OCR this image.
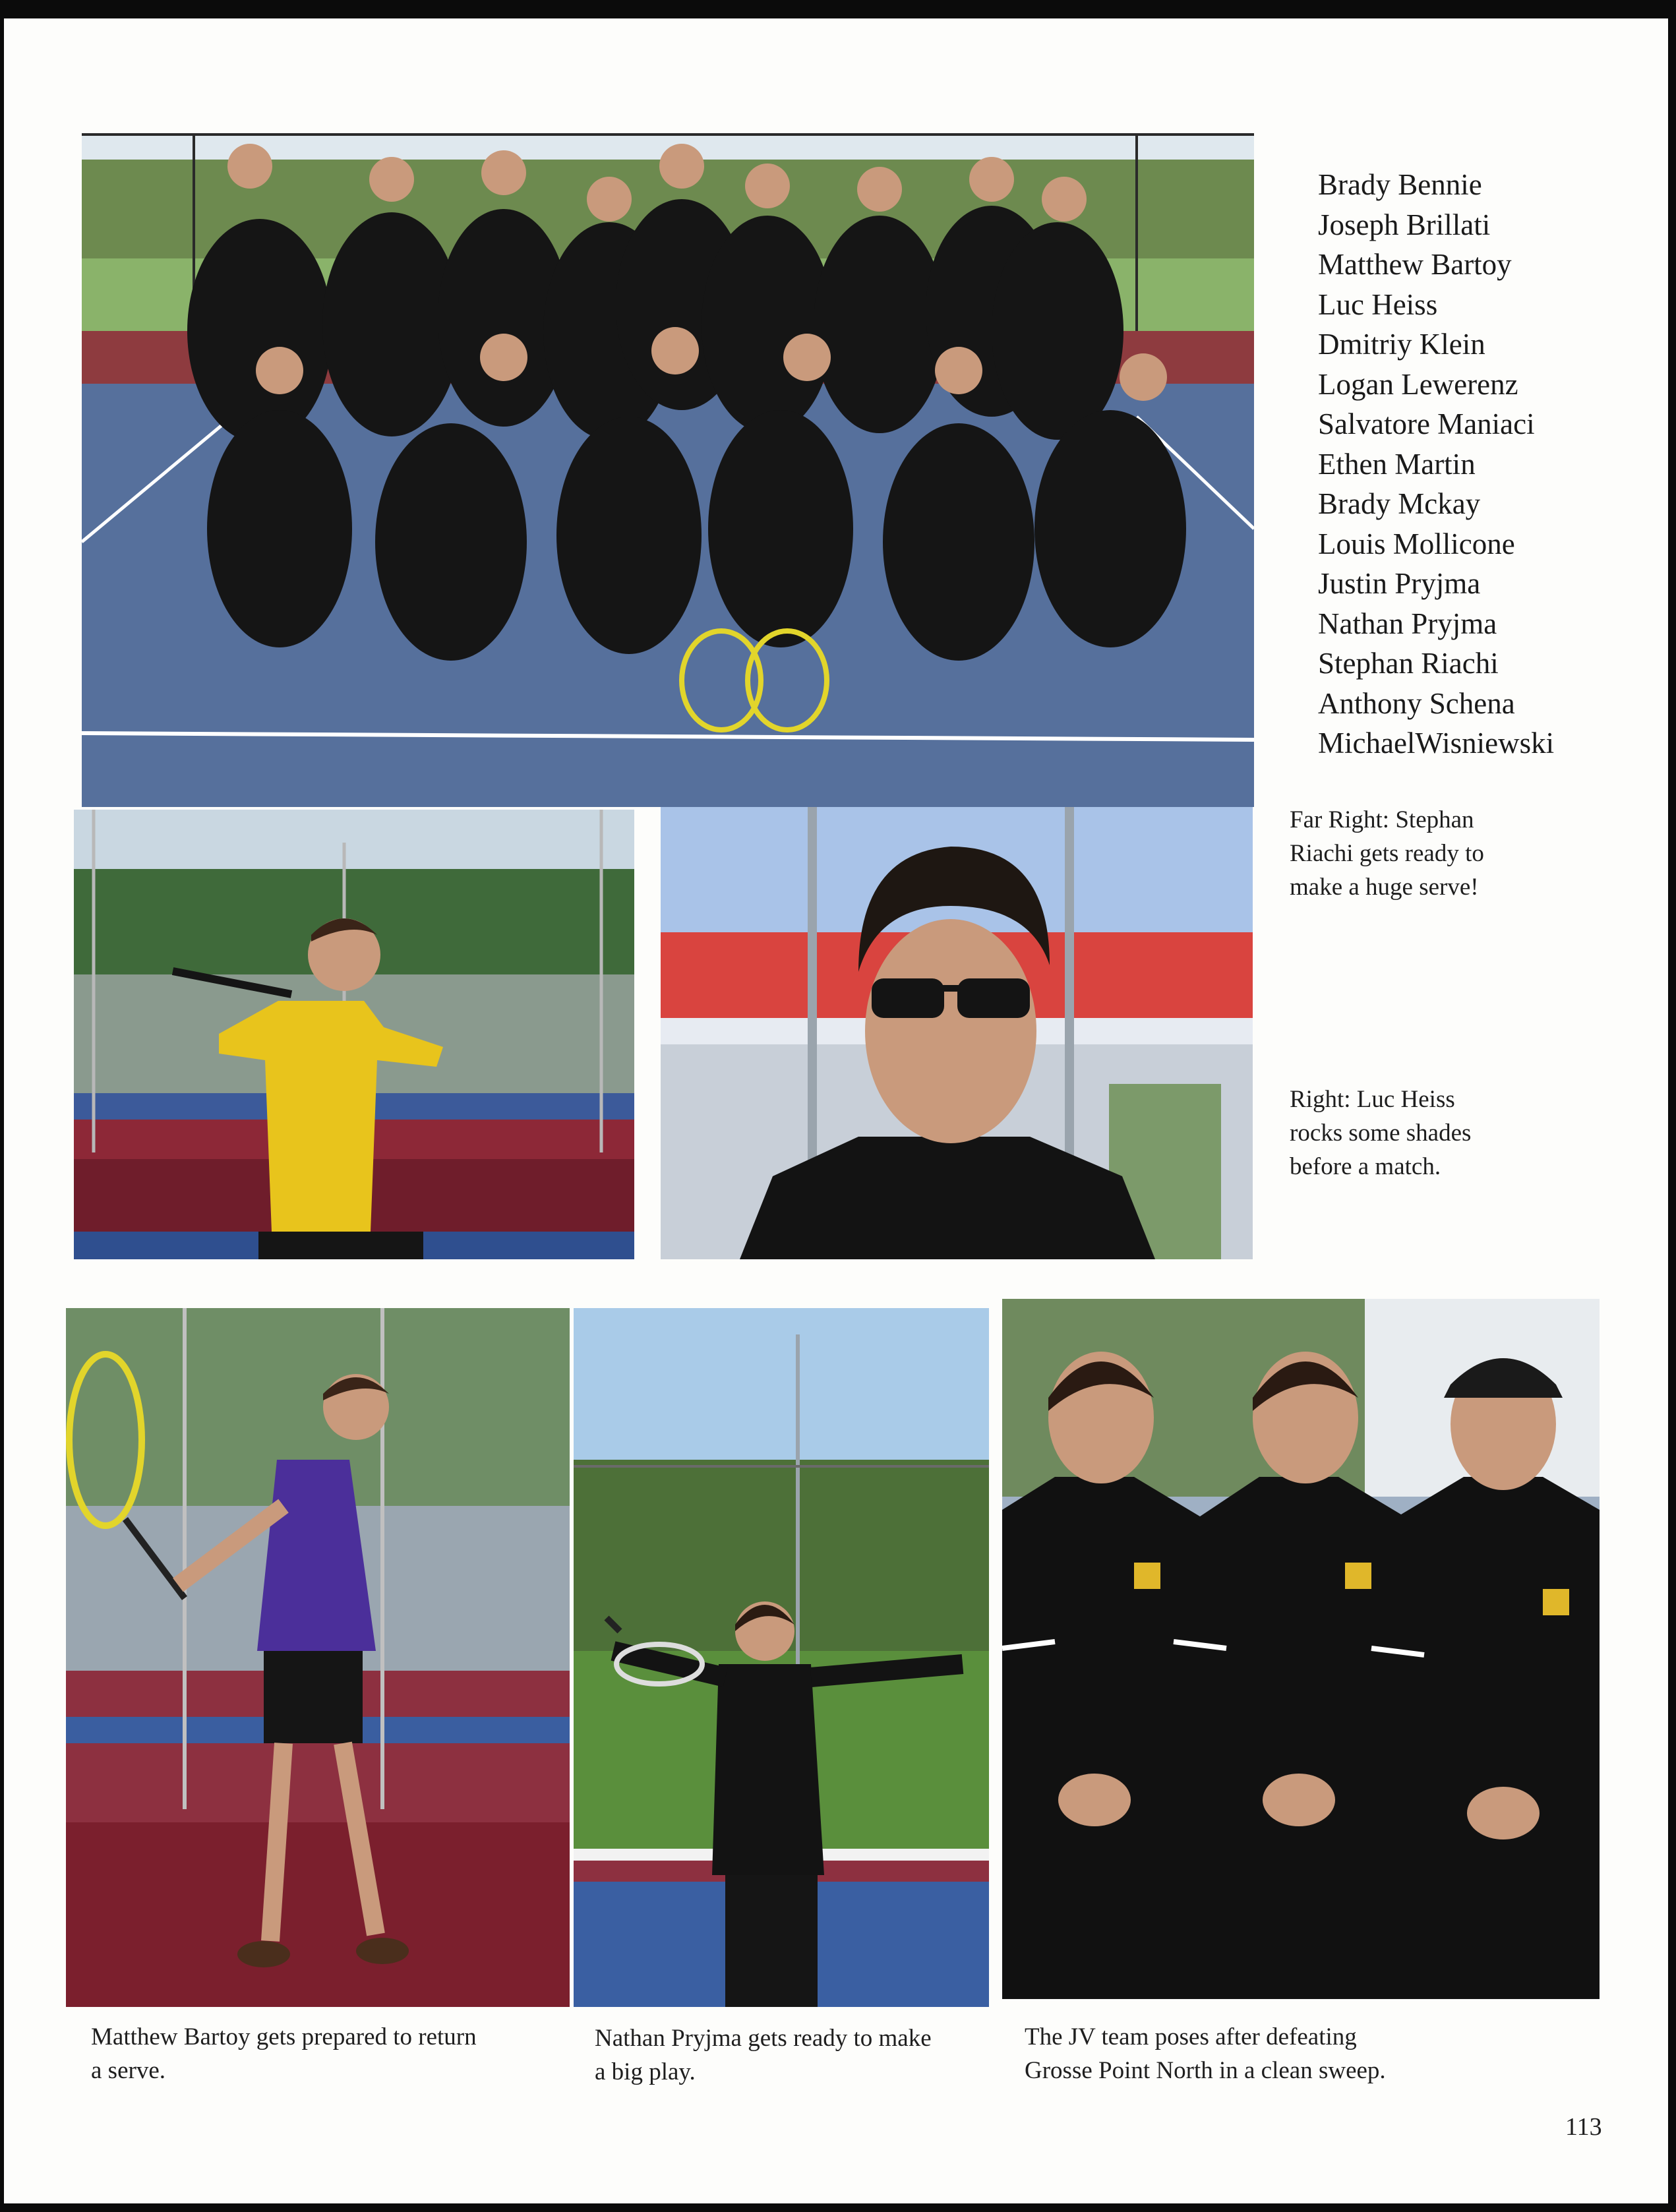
Brady Bennie
Joseph Brillati
Matthew Bartoy
Luc Heiss
Dmitriy Klein
Logan Lewerenz
Salvatore Maniaci
Ethen Martin
Brady Mckay
Louis Mollicone
Justin Pryjma
Nathan Pryjma
Stephan Riachi
Anthony Schena
MichaelWisniewski
Far Right: Stephan
Riachi gets ready to
make a huge serve!
Right: Luc Heiss
rocks some shades
before a match.
Matthew Bartoy gets prepared to return
a serve.
Nathan Pryjma gets ready to make
a big play.
The JV team poses after defeating
Grosse Point North in a clean sweep.
113
